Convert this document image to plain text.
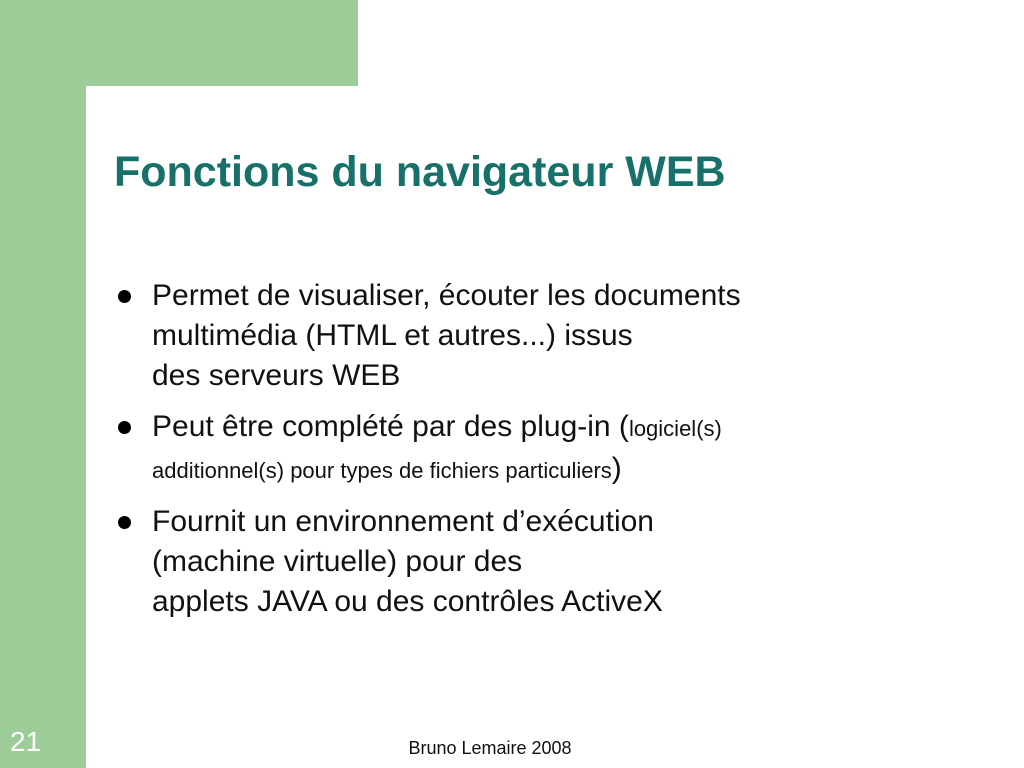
Fonctions du navigateur WEB
Permet de visualiser, écouter les documents
multimédia (HTML et autres...) issus
des serveurs WEB
Peut être complété par des plug-in (logiciel(s)
additionnel(s) pour types de fichiers particuliers)
Fournit un environnement d’exécution
(machine virtuelle) pour des
applets JAVA ou des contrôles ActiveX
21	Bruno Lemaire 2008
